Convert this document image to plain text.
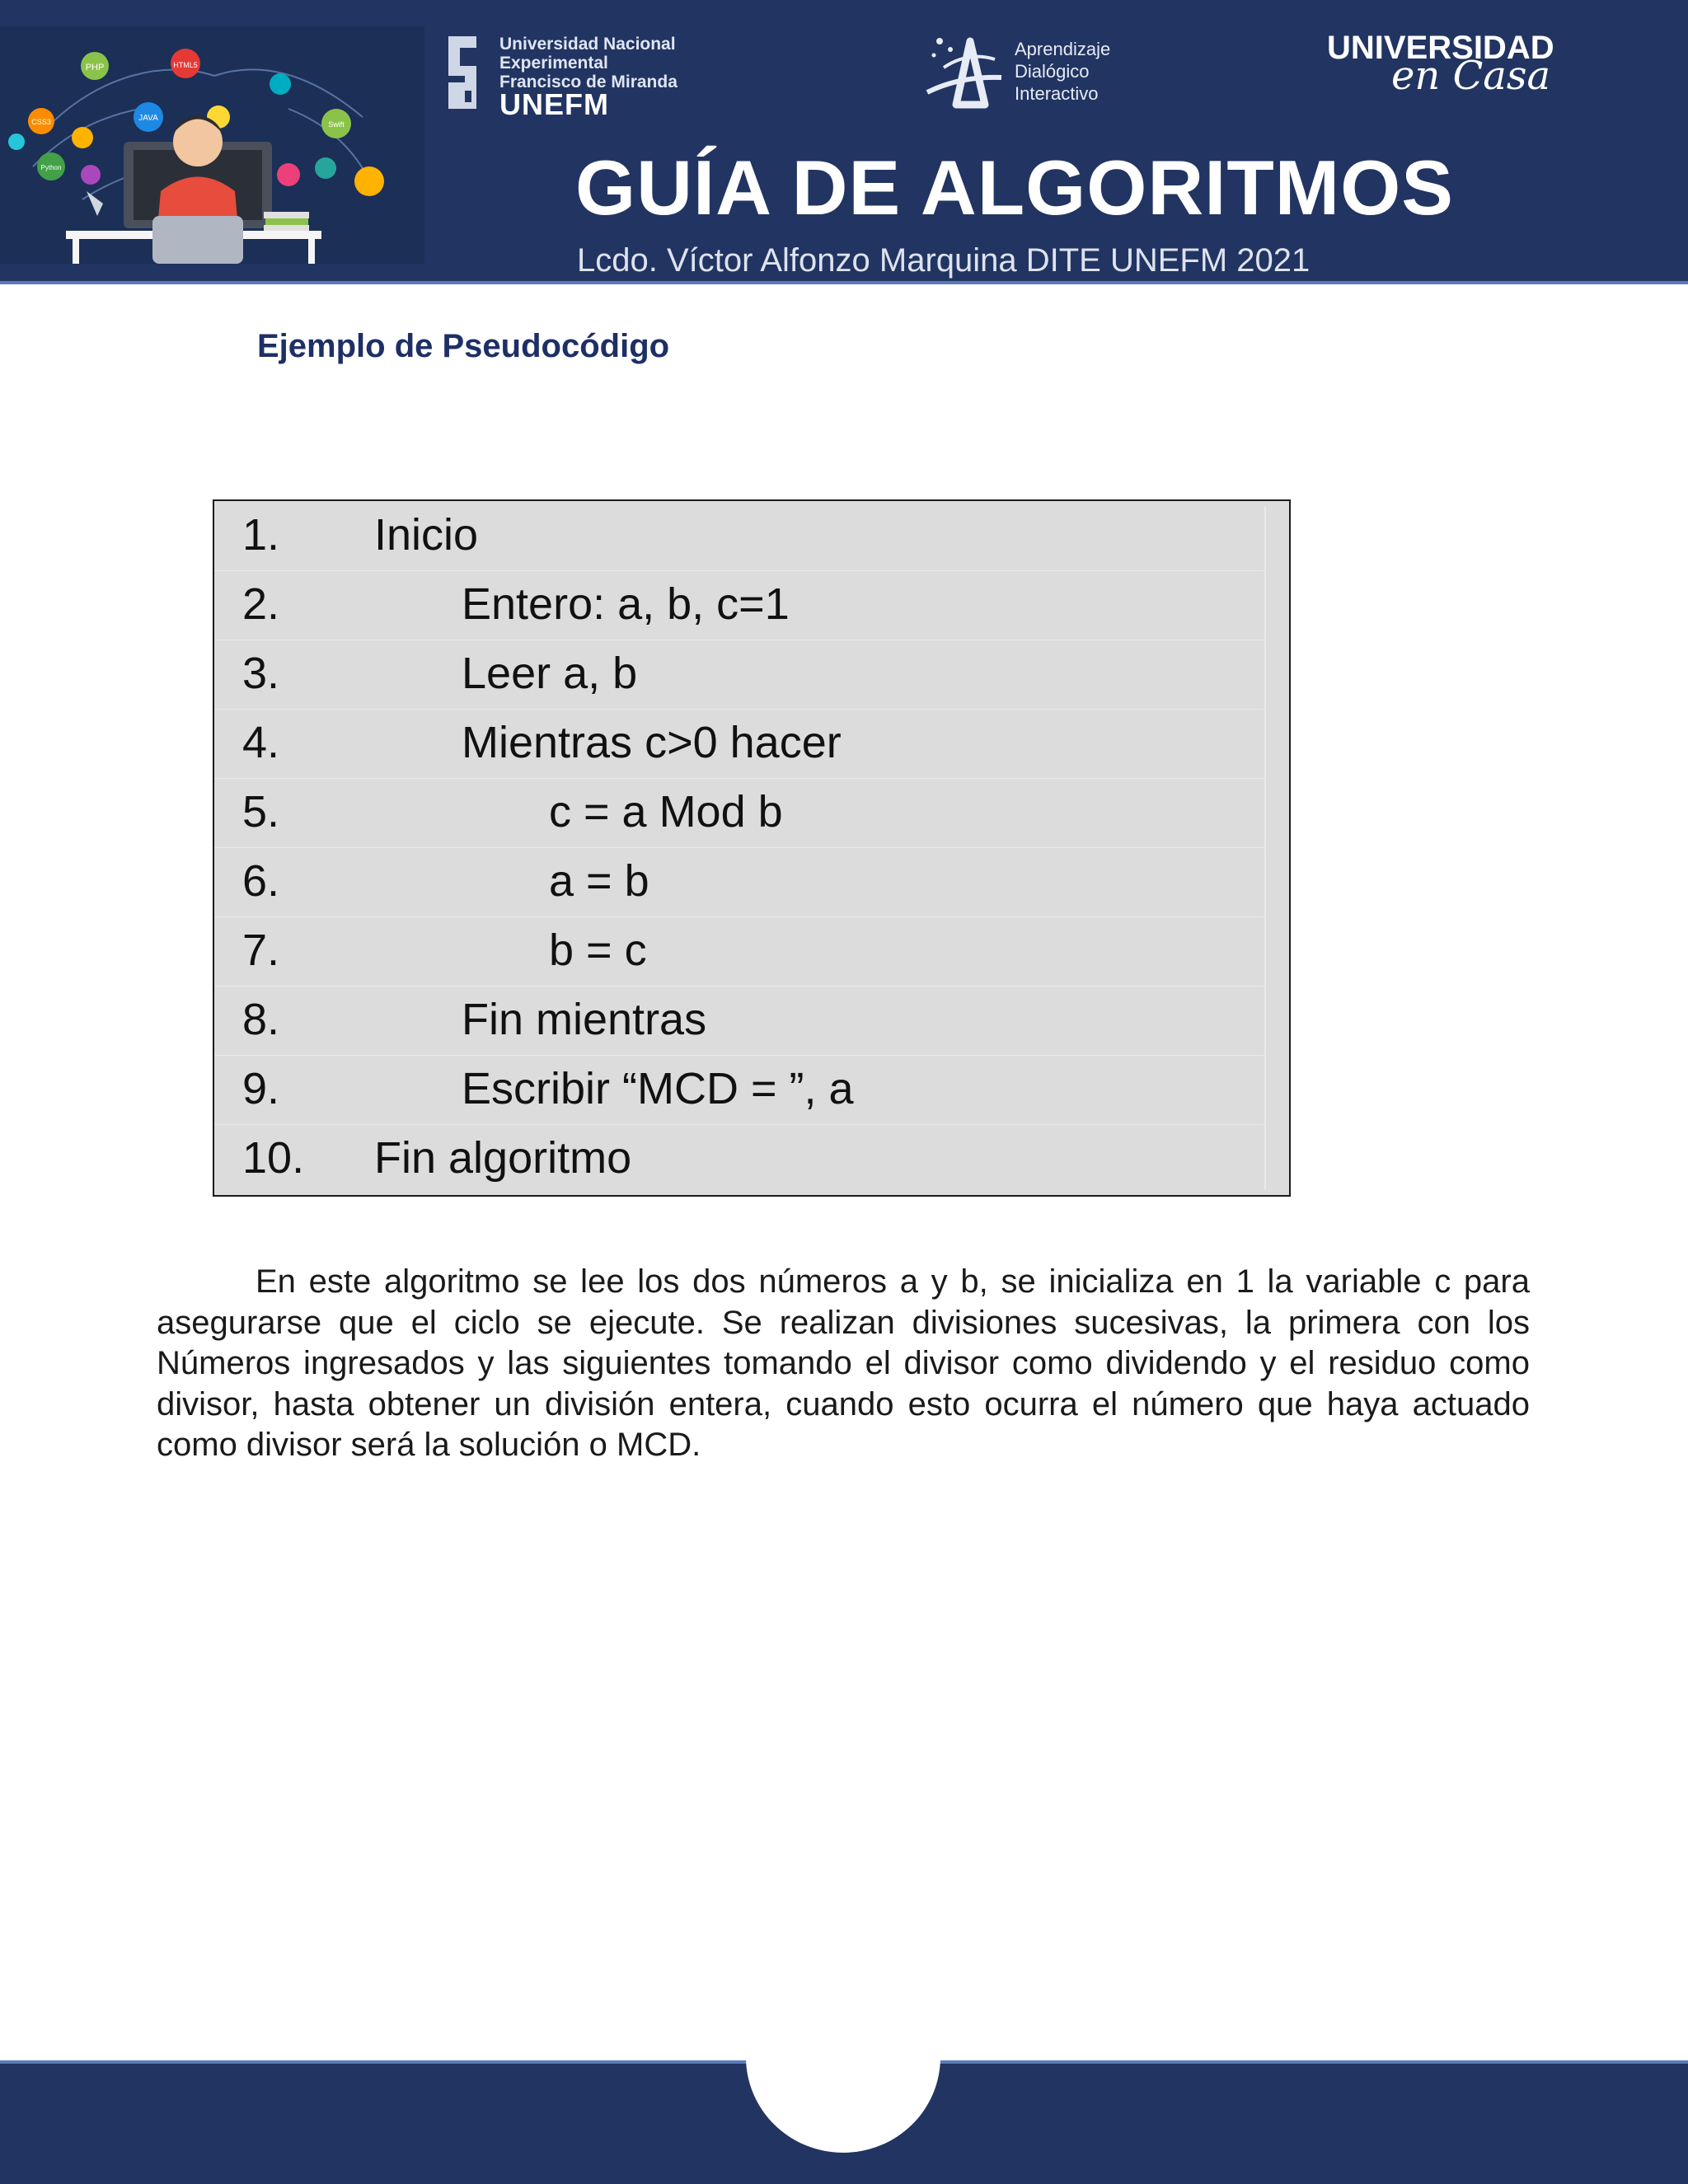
PHP	HTML5
JAVA
CSS3
Python
Swift
Universidad Nacional
Experimental
Francisco de Miranda
UNEFM
Aprendizaje
Dialógico
Interactivo
UNIVERSIDAD
en Casa
GUÍA DE ALGORITMOS
Lcdo. Víctor Alfonzo Marquina DITE UNEFM 2021
Ejemplo de Pseudocódigo
1. Inicio
2.	Entero: a, b, c=1
3.	Leer a, b
4.	Mientras c>0 hacer
5.	c = a Mod b
6.	a = b
7.	b = c
8.	Fin mientras
9.	Escribir “MCD = ”, a
10. Fin algoritmo
En este algoritmo se lee los dos números a y b, se inicializa en 1 la variable c para asegurarse que el ciclo se ejecute. Se realizan divisiones sucesivas, la primera con los Números ingresados y las siguientes tomando el divisor como dividendo y el residuo como divisor, hasta obtener un división entera, cuando esto ocurra el número que haya actuado como divisor será la solución o MCD.
